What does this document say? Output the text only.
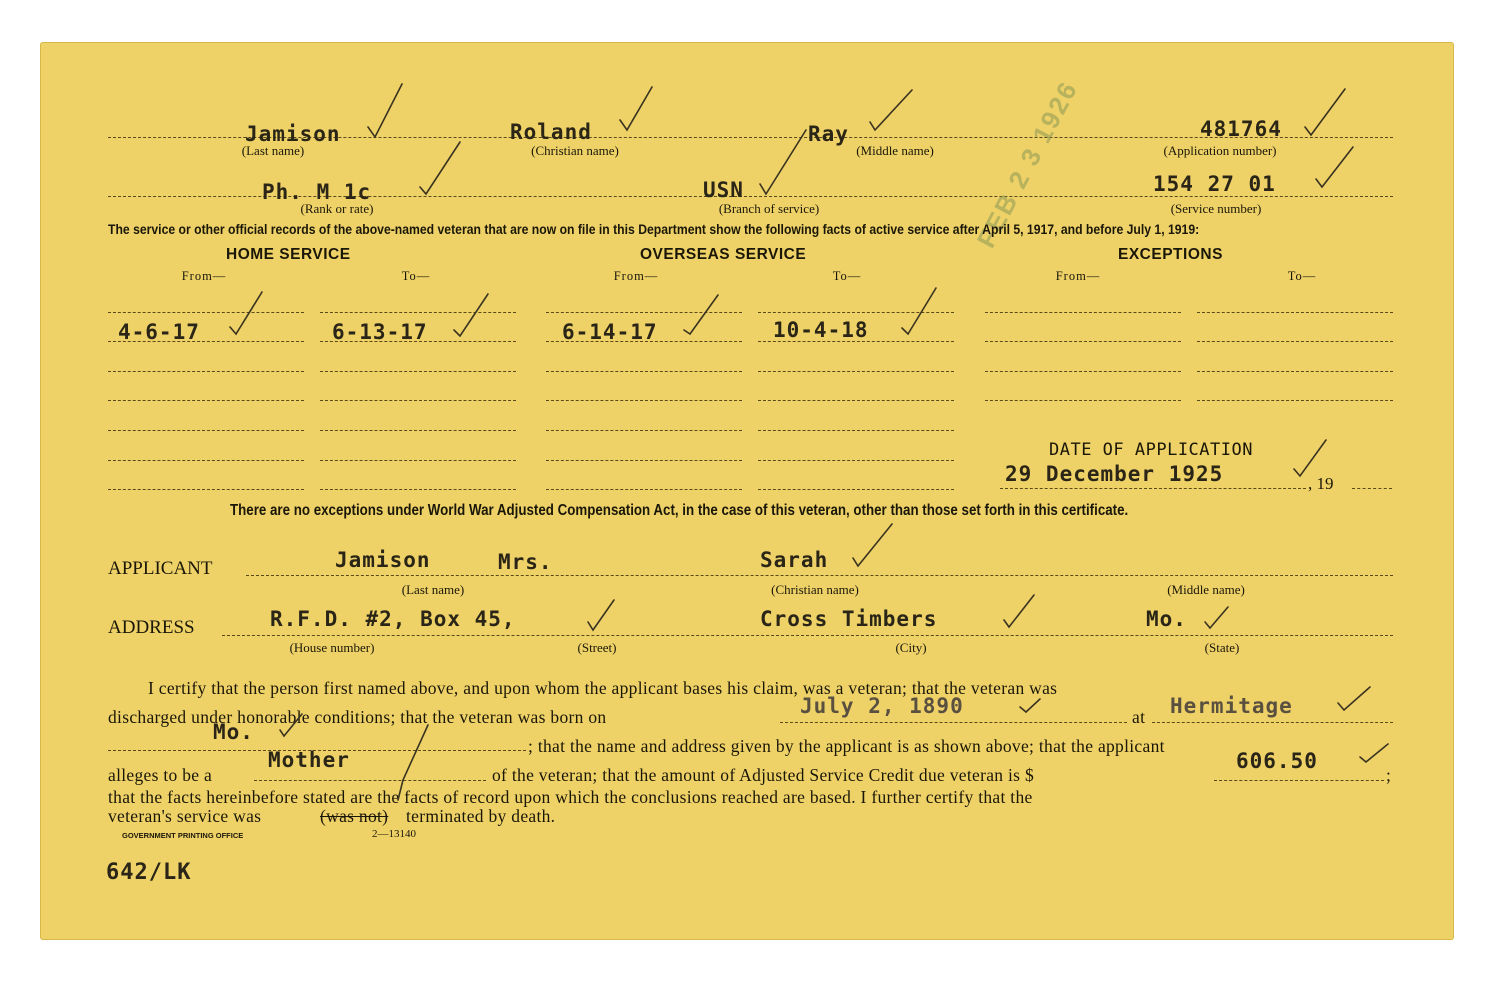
Jamison	Roland	Ray	481764
(Last name)	(Christian name)	(Middle name)	(Application number)
Ph. M 1c	USN	154 27 01
(Rank or rate)	(Branch of service)	(Service number)
FEB 2 3 1926
The service or other official records of the above-named veteran that are now on file in this Department show the following facts of active service after April 5, 1917, and before July 1, 1919:
HOME SERVICE	OVERSEAS SERVICE	EXCEPTIONS
From—	To—	From—	To—	From—	To—
4-6-17	6-13-17	6-14-17	10-4-18
DATE OF APPLICATION
29 December 1925	, 19
There are no exceptions under World War Adjusted Compensation Act, in the case of this veteran, other than those set forth in this certificate.
APPLICANT	Jamison	Mrs.	Sarah
(Last name)	(Christian name)	(Middle name)
ADDRESS	R.F.D. #2, Box 45,	Cross Timbers	Mo.
(House number)	(Street)	(City)	(State)
I certify that the person first named above, and upon whom the applicant bases his claim, was a veteran; that the veteran was
discharged under honorable conditions; that the veteran was born on	July 2, 1890	at Hermitage
Mo.
; that the name and address given by the applicant is as shown above; that the applicant
alleges to be a
Mother
of the veteran; that the amount of Adjusted Service Credit due veteran is $
606.50
;
that the facts hereinbefore stated are the facts of record upon which the conclusions reached are based. I further certify that the
veteran's service was	(was not) terminated by death.
GOVERNMENT PRINTING OFFICE	2—13140
642/LK
